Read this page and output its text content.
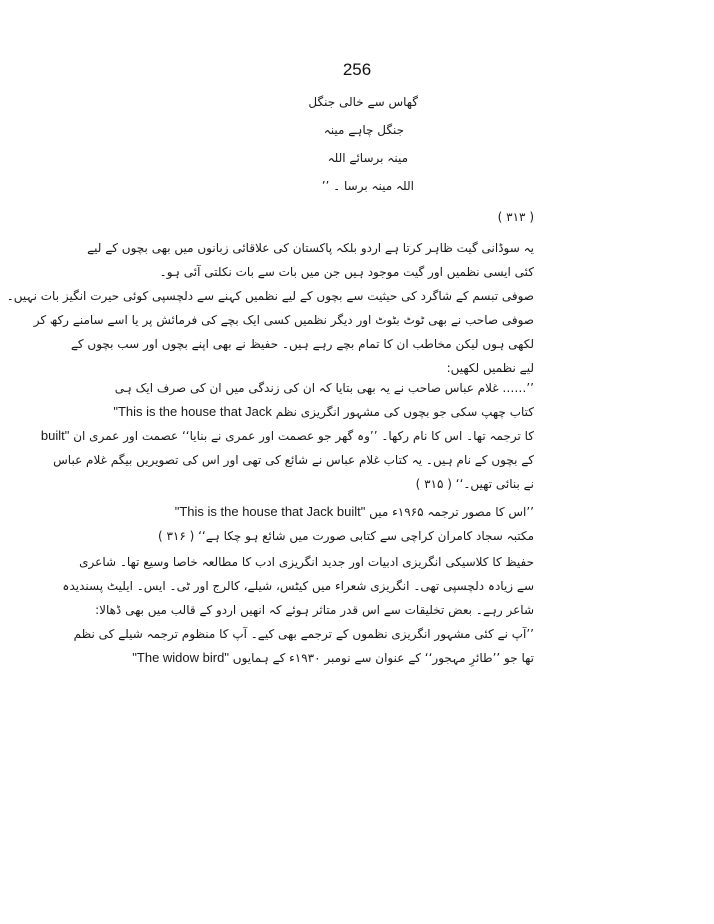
256
گھاس سے خالی جنگل
جنگل چاہے مینہ
مینہ برسائے اللہ
اللہ مینہ برسا ۔ ’’
( ۳۱۳ )
یہ سوڈانی گیت ظاہر کرتا ہے اردو بلکہ پاکستان کی علاقائی زبانوں میں بھی بچوں کے لیے
کئی ایسی نظمیں اور گیت موجود ہیں جن میں بات سے بات نکلتی آئی ہو۔
صوفی تبسم کے شاگرد کی حیثیت سے بچوں کے لیے نظمیں کہنے سے دلچسپی کوئی حیرت انگیز بات نہیں۔
صوفی صاحب نے بھی ٹوٹ بٹوٹ اور دیگر نظمیں کسی ایک بچے کی فرمائش پر یا اسے سامنے رکھ کر
لکھی ہوں لیکن مخاطب ان کا تمام بچے رہے ہیں۔ حفیظ نے بھی اپنے بچوں اور سب بچوں کے
لیے نظمیں لکھیں:
’’…… غلام عباس صاحب نے یہ بھی بتایا کہ ان کی زندگی میں ان کی صرف ایک ہی
کتاب چھپ سکی جو بچوں کی مشہور انگریزی نظم "This is the house that Jack
کا ترجمہ تھا۔ اس کا نام رکھا۔ ’’وہ گھر جو عصمت اور عمری نے بنایا‘‘ عصمت اور عمری ان built"
کے بچوں کے نام ہیں۔ یہ کتاب غلام عباس نے شائع کی تھی اور اس کی تصویریں بیگم غلام عباس
نے بنائی تھیں۔‘‘ ( ۳۱۵ )
’’اس کا مصور ترجمہ ۱۹۶۵ء میں "This is the house that Jack built"
مکتبہ سجاد کامران کراچی سے کتابی صورت میں شائع ہو چکا ہے‘‘ ( ۳۱۶ )
حفیظ کا کلاسیکی انگریزی ادبیات اور جدید انگریزی ادب کا مطالعہ خاصا وسیع تھا۔ شاعری
سے زیادہ دلچسپی تھی۔ انگریزی شعراء میں کیٹس، شیلے، کالرج اور ٹی۔ ایس۔ ایلیٹ پسندیدہ
شاعر رہے۔ بعض تخلیقات سے اس قدر متاثر ہوئے کہ انھیں اردو کے قالب میں بھی ڈھالا:
’’آپ نے کئی مشہور انگریزی نظموں کے ترجمے بھی کیے۔ آپ کا منظوم ترجمہ شیلے کی نظم
تھا جو ’’طائرِ مہجور‘‘ کے عنوان سے نومبر ۱۹۳۰ء کے ہمایوں "The widow bird"
